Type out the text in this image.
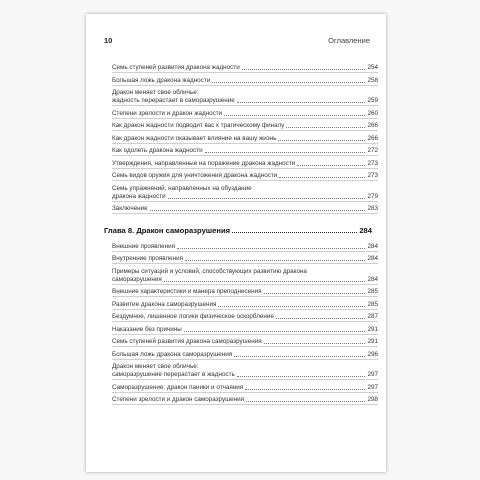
10	Оглавление
Семь ступеней развития дракона жадности	254
Большая ложь дракона жадности	258
Дракон меняет свое обличье:
жадность перерастает в саморазрушение	259
Степени зрелости и дракон жадности	260
Как дракон жадности подводит вас к трагическому финалу	266
Как дракон жадности оказывает влияние на вашу жизнь	266
Как одолеть дракона жадности	272
Утверждения, направленные на поражение дракона жадности	273
Семь видов оружия для уничтожения дракона жадности	273
Семь упражнений, направленных на обуздание
дракона жадности	279
Заключение	283
Глава 8. Дракон саморазрушения	284
Внешние проявления	284
Внутренние проявления	284
Примеры ситуаций и условий, способствующих развитию дракона
саморазрушения	284
Внешние характеристики и манера преподнесения	285
Развитие дракона саморазрушения	285
Бездумное, лишенное логики физическое оскорбление	287
Наказание без причины	291
Семь ступеней развития дракона саморазрушения	291
Большая ложь дракона саморазрушения	296
Дракон меняет свое обличье:
саморазрушение перерастает в жадность	297
Саморазрушение: дракон паники и отчаяния	297
Степени зрелости и дракон саморазрушения	298
